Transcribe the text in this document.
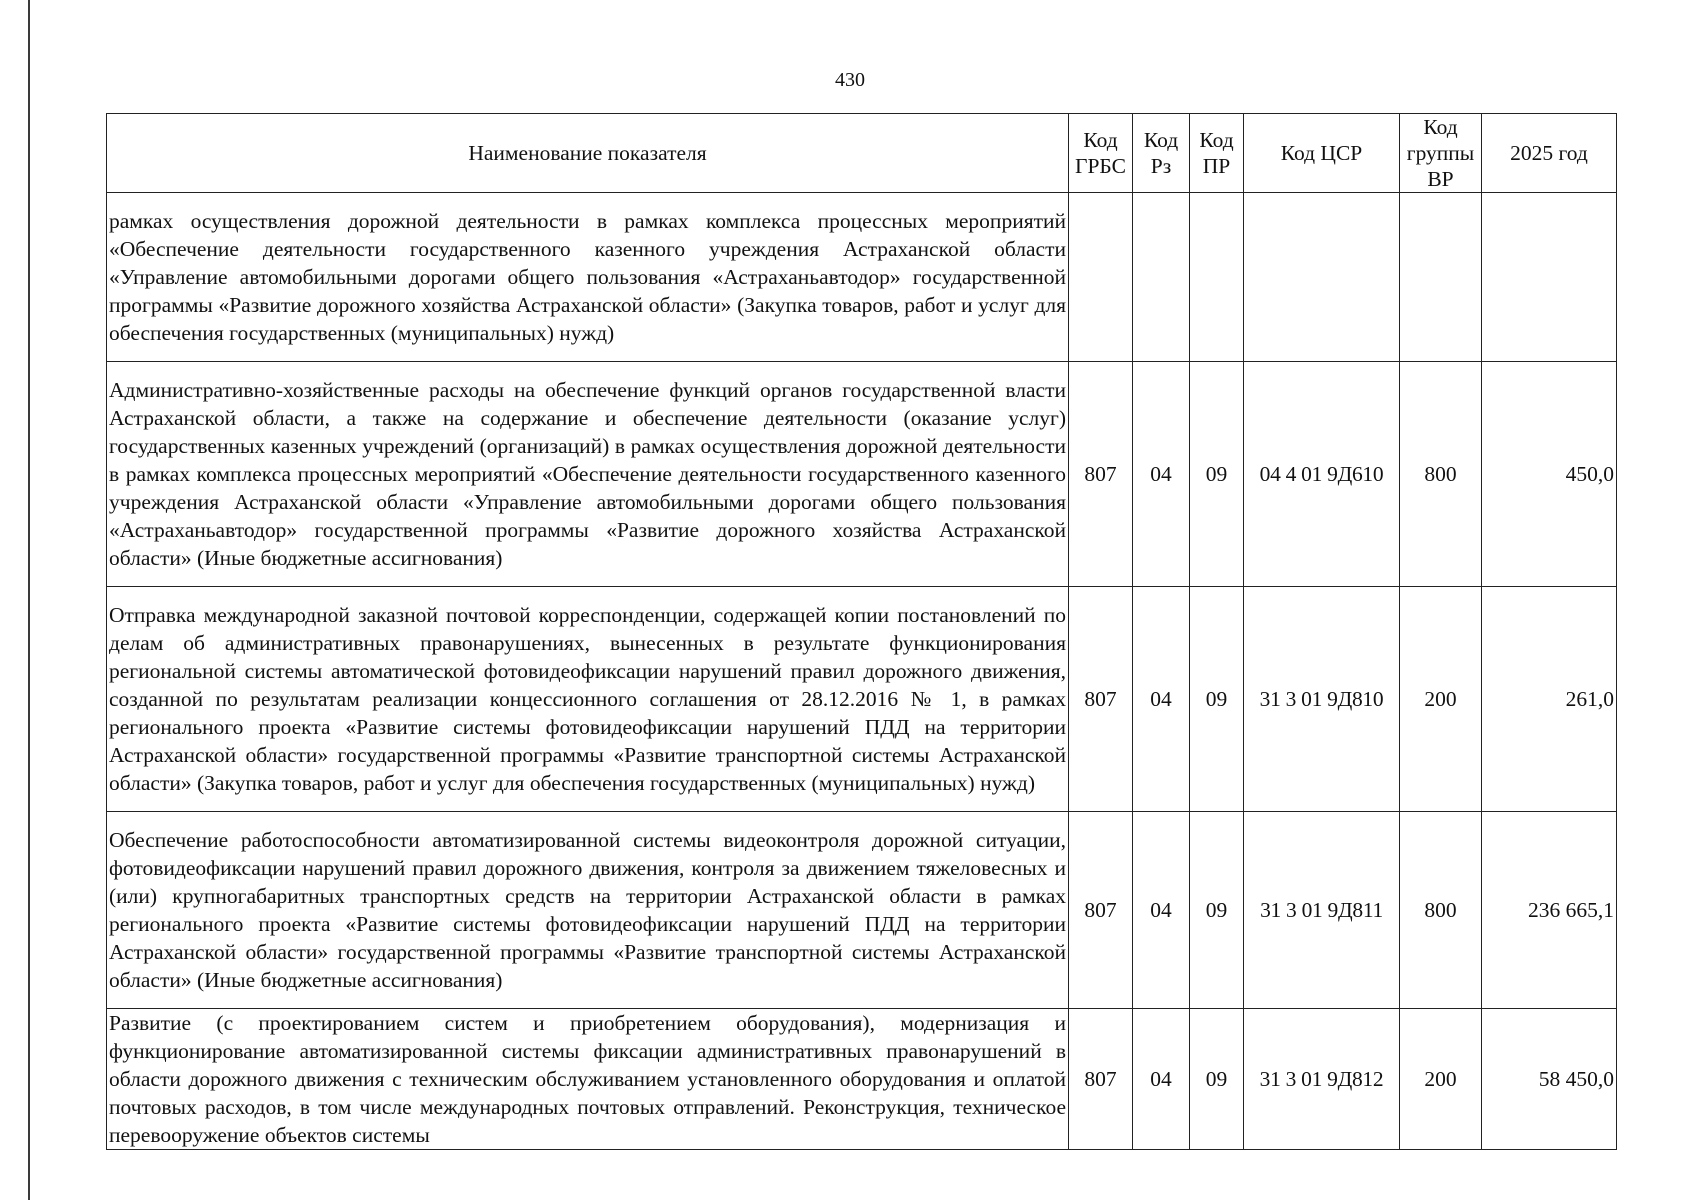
430
Наименование показателя	Код ГРБС	Код Рз	Код ПР	Код ЦСР	Код группы ВР	2025 год
рамках осуществления дорожной деятельности в рамках комплекса процессных мероприятий «Обеспечение деятельности государственного казенного учреждения Астраханской области «Управление автомобильными дорогами общего пользования «Астраханьавтодор» государственной программы «Развитие дорожного хозяйства Астраханской области» (Закупка товаров, работ и услуг для обеспечения государственных (муниципальных) нужд)						
Административно-хозяйственные расходы на обеспечение функций органов государственной власти Астраханской области, а также на содержание и обеспечение деятельности (оказание услуг) государственных казенных учреждений (организаций) в рамках осуществления дорожной деятельности в рамках комплекса процессных мероприятий «Обеспечение деятельности государственного казенного учреждения Астраханской области «Управление автомобильными дорогами общего пользования «Астраханьавтодор» государственной программы «Развитие дорожного хозяйства Астраханской области» (Иные бюджетные ассигнования)	807	04	09	04 4 01 9Д610	800	450,0
Отправка международной заказной почтовой корреспонденции, содержащей копии постановлений по делам об административных правонарушениях, вынесенных в результате функционирования региональной системы автоматической фотовидеофиксации нарушений правил дорожного движения, созданной по результатам реализации концессионного соглашения от 28.12.2016 № 1, в рамках регионального проекта «Развитие системы фотовидеофиксации нарушений ПДД на территории Астраханской области» государственной программы «Развитие транспортной системы Астраханской области» (Закупка товаров, работ и услуг для обеспечения государственных (муниципальных) нужд)	807	04	09	31 3 01 9Д810	200	261,0
Обеспечение работоспособности автоматизированной системы видеоконтроля дорожной ситуации, фотовидеофиксации нарушений правил дорожного движения, контроля за движением тяжеловесных и (или) крупногабаритных транспортных средств на территории Астраханской области в рамках регионального проекта «Развитие системы фотовидеофиксации нарушений ПДД на территории Астраханской области» государственной программы «Развитие транспортной системы Астраханской области» (Иные бюджетные ассигнования)	807	04	09	31 3 01 9Д811	800	236 665,1

Развитие (с проектированием систем и приобретением оборудования), модернизация и функционирование автоматизированной системы фиксации административных правонарушений в области дорожного движения с техническим обслуживанием установленного оборудования и оплатой почтовых расходов, в том числе международных почтовых отправлений. Реконструкция, техническое перевооружение объектов системы	807	04	09	31 3 01 9Д812	200	58 450,0
